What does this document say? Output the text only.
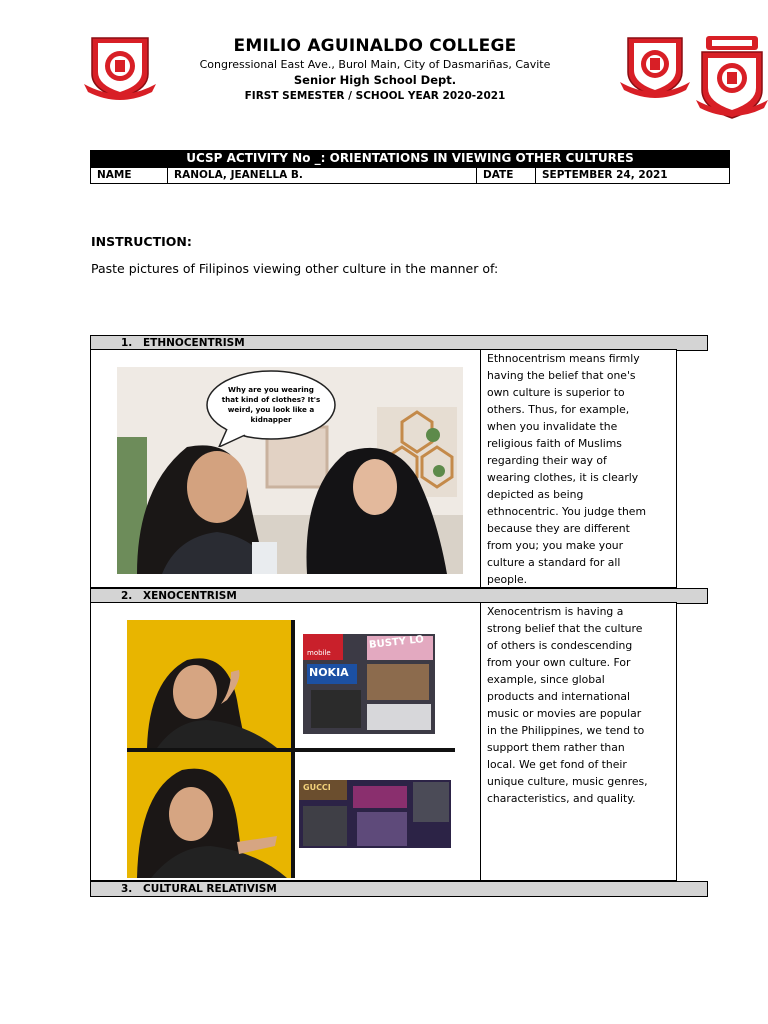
EMILIO AGUINALDO COLLEGE
Congressional East Ave., Burol Main, City of Dasmariñas, Cavite
Senior High School Dept.
FIRST SEMESTER / SCHOOL YEAR 2020-2021
UCSP ACTIVITY No _: ORIENTATIONS IN VIEWING OTHER CULTURES
NAME	RANOLA, JEANELLA B.	DATE	SEPTEMBER 24, 2021
INSTRUCTION:
Paste pictures of Filipinos viewing other culture in the manner of:
1. ETHNOCENTRISM
Ethnocentrism means firmly
having the belief that one's
own culture is superior to
others. Thus, for example,
when you invalidate the
religious faith of Muslims
regarding their way of
wearing clothes, it is clearly
depicted as being
ethnocentric. You judge them
because they are different
from you; you make your
culture a standard for all
people.
Why are you wearing that kind of clothes? It's weird, you look like a kidnapper
2. XENOCENTRISM
Xenocentrism is having a
strong belief that the culture
of others is condescending
from your own culture. For
example, since global
products and international
music or movies are popular
in the Philippines, we tend to
support them rather than
local. We get fond of their
unique culture, music genres,
characteristics, and quality.
BUSTY LO
mobile
NOKIA
GUCCI
3. CULTURAL RELATIVISM
